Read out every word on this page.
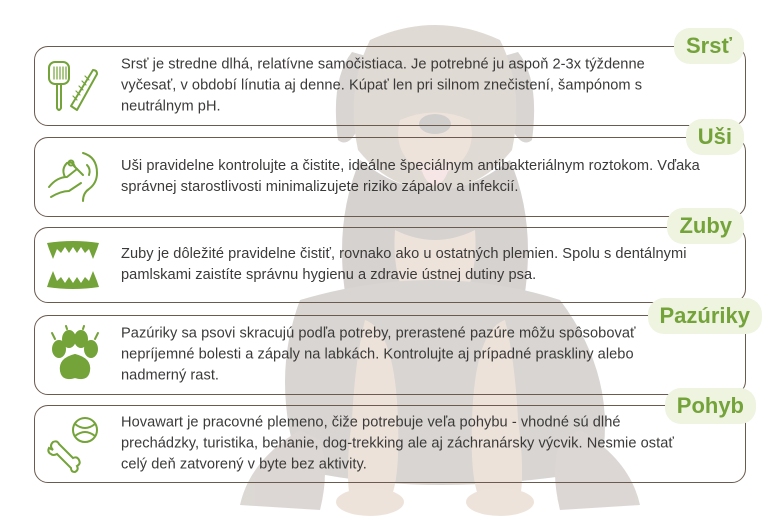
Srsť je stredne dlhá, relatívne samočistiaca. Je potrebné ju aspoň 2-3x týždenne vyčesať, v období línutia aj denne. Kúpať len pri silnom znečistení, šampónom s neutrálnym pH.
Srsť
Uši pravidelne kontrolujte a čistite, ideálne špeciálnym antibakteriálnym roztokom. Vďaka správnej starostlivosti minimalizujete riziko zápalov a infekcií.
Uši
Zuby je dôležité pravidelne čistiť, rovnako ako u ostatných plemien. Spolu s dentálnymi pamlskami zaistíte správnu hygienu a zdravie ústnej dutiny psa.
Zuby
Pazúriky sa psovi skracujú podľa potreby, prerastené pazúre môžu spôsobovať nepríjemné bolesti a zápaly na labkách. Kontrolujte aj prípadné praskliny alebo nadmerný rast.
Pazúriky
Hovawart je pracovné plemeno, čiže potrebuje veľa pohybu - vhodné sú dlhé prechádzky, turistika, behanie, dog-trekking ale aj záchranársky výcvik. Nesmie ostať celý deň zatvorený v byte bez aktivity.
Pohyb
